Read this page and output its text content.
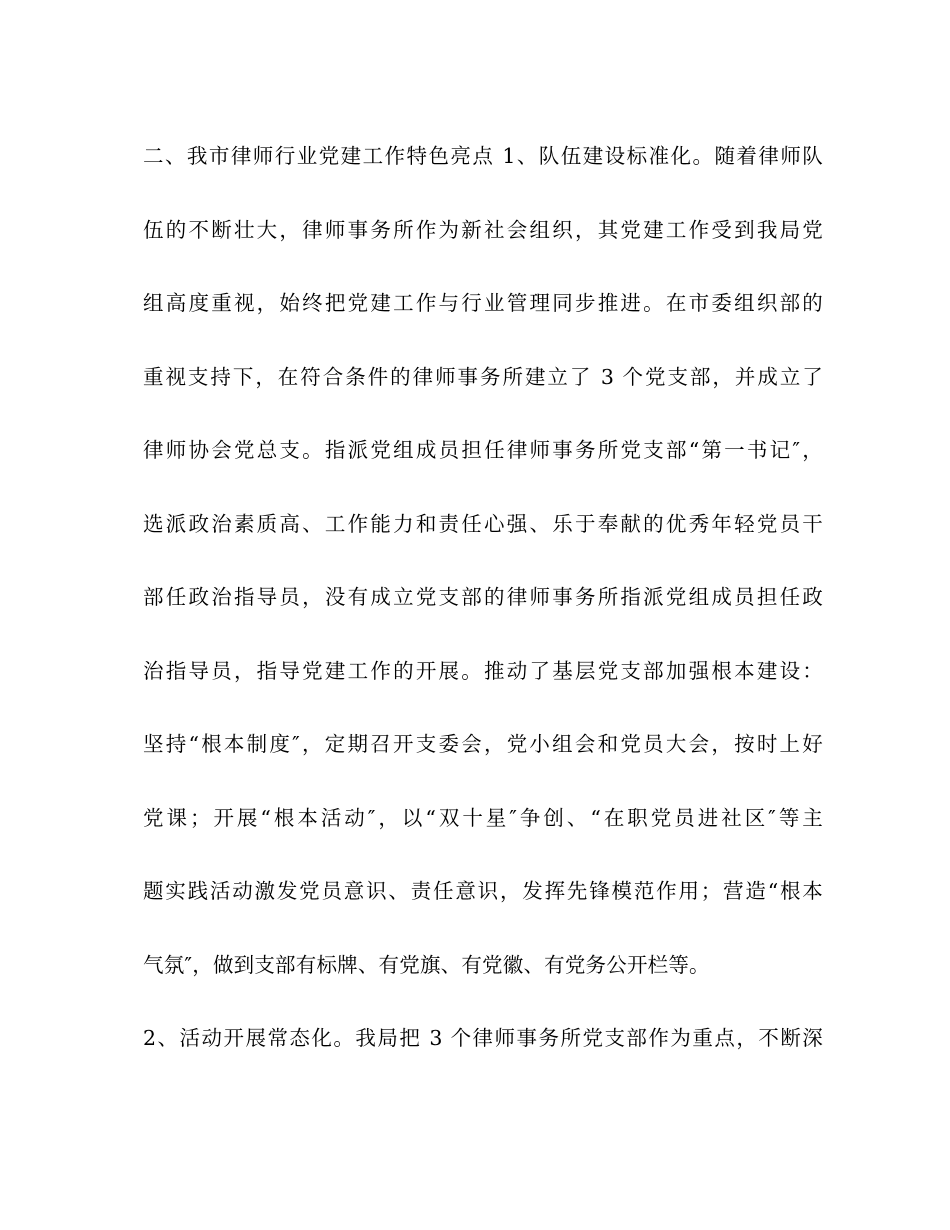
二、我市律师行业党建工作特色亮点 1、队伍建设标准化。随着律师队
伍的不断壮大，律师事务所作为新社会组织，其党建工作受到我局党
组高度重视，始终把党建工作与行业管理同步推进。在市委组织部的
重视支持下，在符合条件的律师事务所建立了 3 个党支部，并成立了
律师协会党总支。指派党组成员担任律师事务所党支部“第一书记″，
选派政治素质高、工作能力和责任心强、乐于奉献的优秀年轻党员干
部任政治指导员，没有成立党支部的律师事务所指派党组成员担任政
治指导员，指导党建工作的开展。推动了基层党支部加强根本建设：
坚持“根本制度″，定期召开支委会，党小组会和党员大会，按时上好
党课；开展“根本活动″，以“双十星″争创、“在职党员进社区″等主
题实践活动激发党员意识、责任意识，发挥先锋模范作用；营造“根本
气氛″，做到支部有标牌、有党旗、有党徽、有党务公开栏等。
2、活动开展常态化。我局把 3 个律师事务所党支部作为重点，不断深
